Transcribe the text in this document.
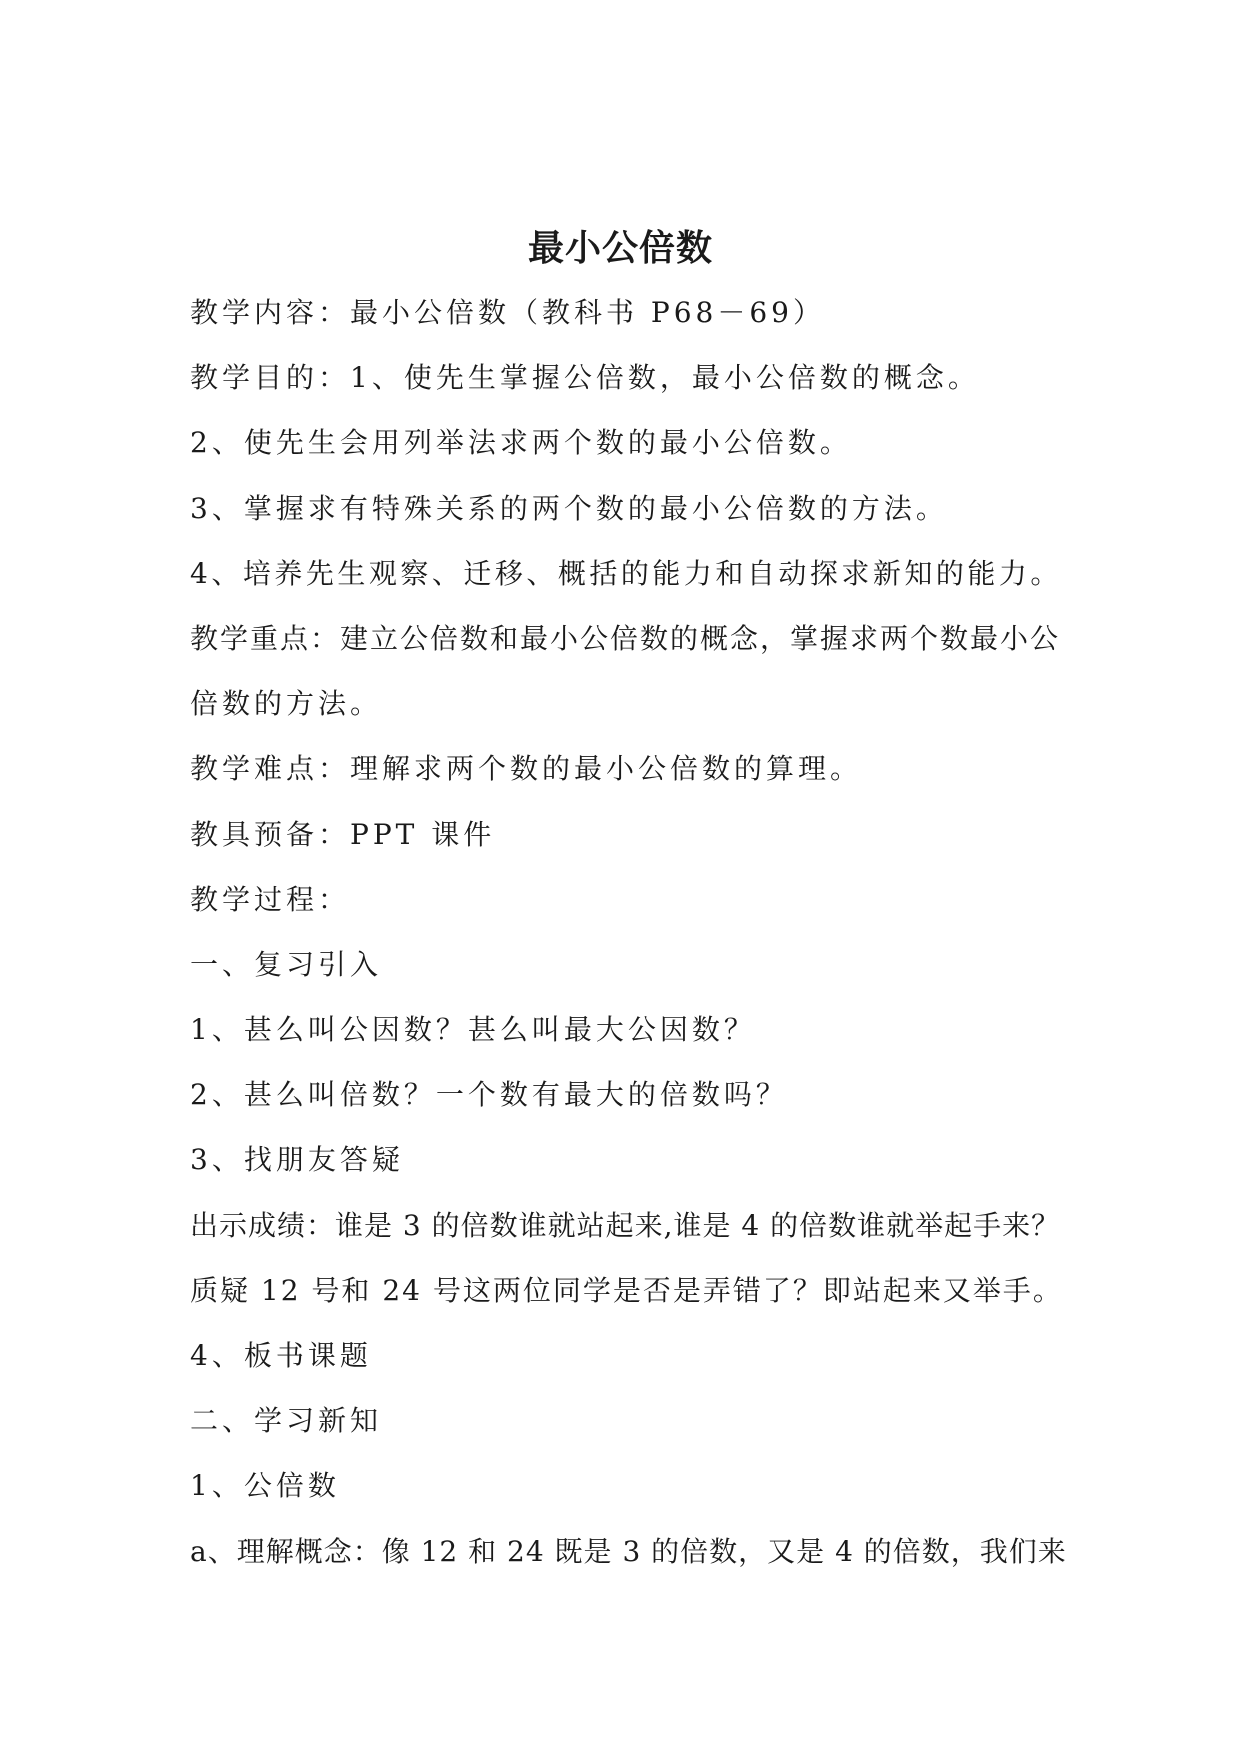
最小公倍数
教学内容：最小公倍数（教科书 P68－69）
教学目的：1、使先生掌握公倍数，最小公倍数的概念。
2、使先生会用列举法求两个数的最小公倍数。
3、掌握求有特殊关系的两个数的最小公倍数的方法。
4、培养先生观察、迁移、概括的能力和自动探求新知的能力。
教学重点：建立公倍数和最小公倍数的概念，掌握求两个数最小公
倍数的方法。
教学难点：理解求两个数的最小公倍数的算理。
教具预备：PPT 课件
教学过程：
一、复习引入
1、甚么叫公因数？甚么叫最大公因数？
2、甚么叫倍数？一个数有最大的倍数吗？
3、找朋友答疑
出示成绩：谁是 3 的倍数谁就站起来,谁是 4 的倍数谁就举起手来？
质疑 12 号和 24 号这两位同学是否是弄错了？即站起来又举手。
4、板书课题
二、学习新知
1、公倍数
a、理解概念：像 12 和 24 既是 3 的倍数，又是 4 的倍数，我们来
